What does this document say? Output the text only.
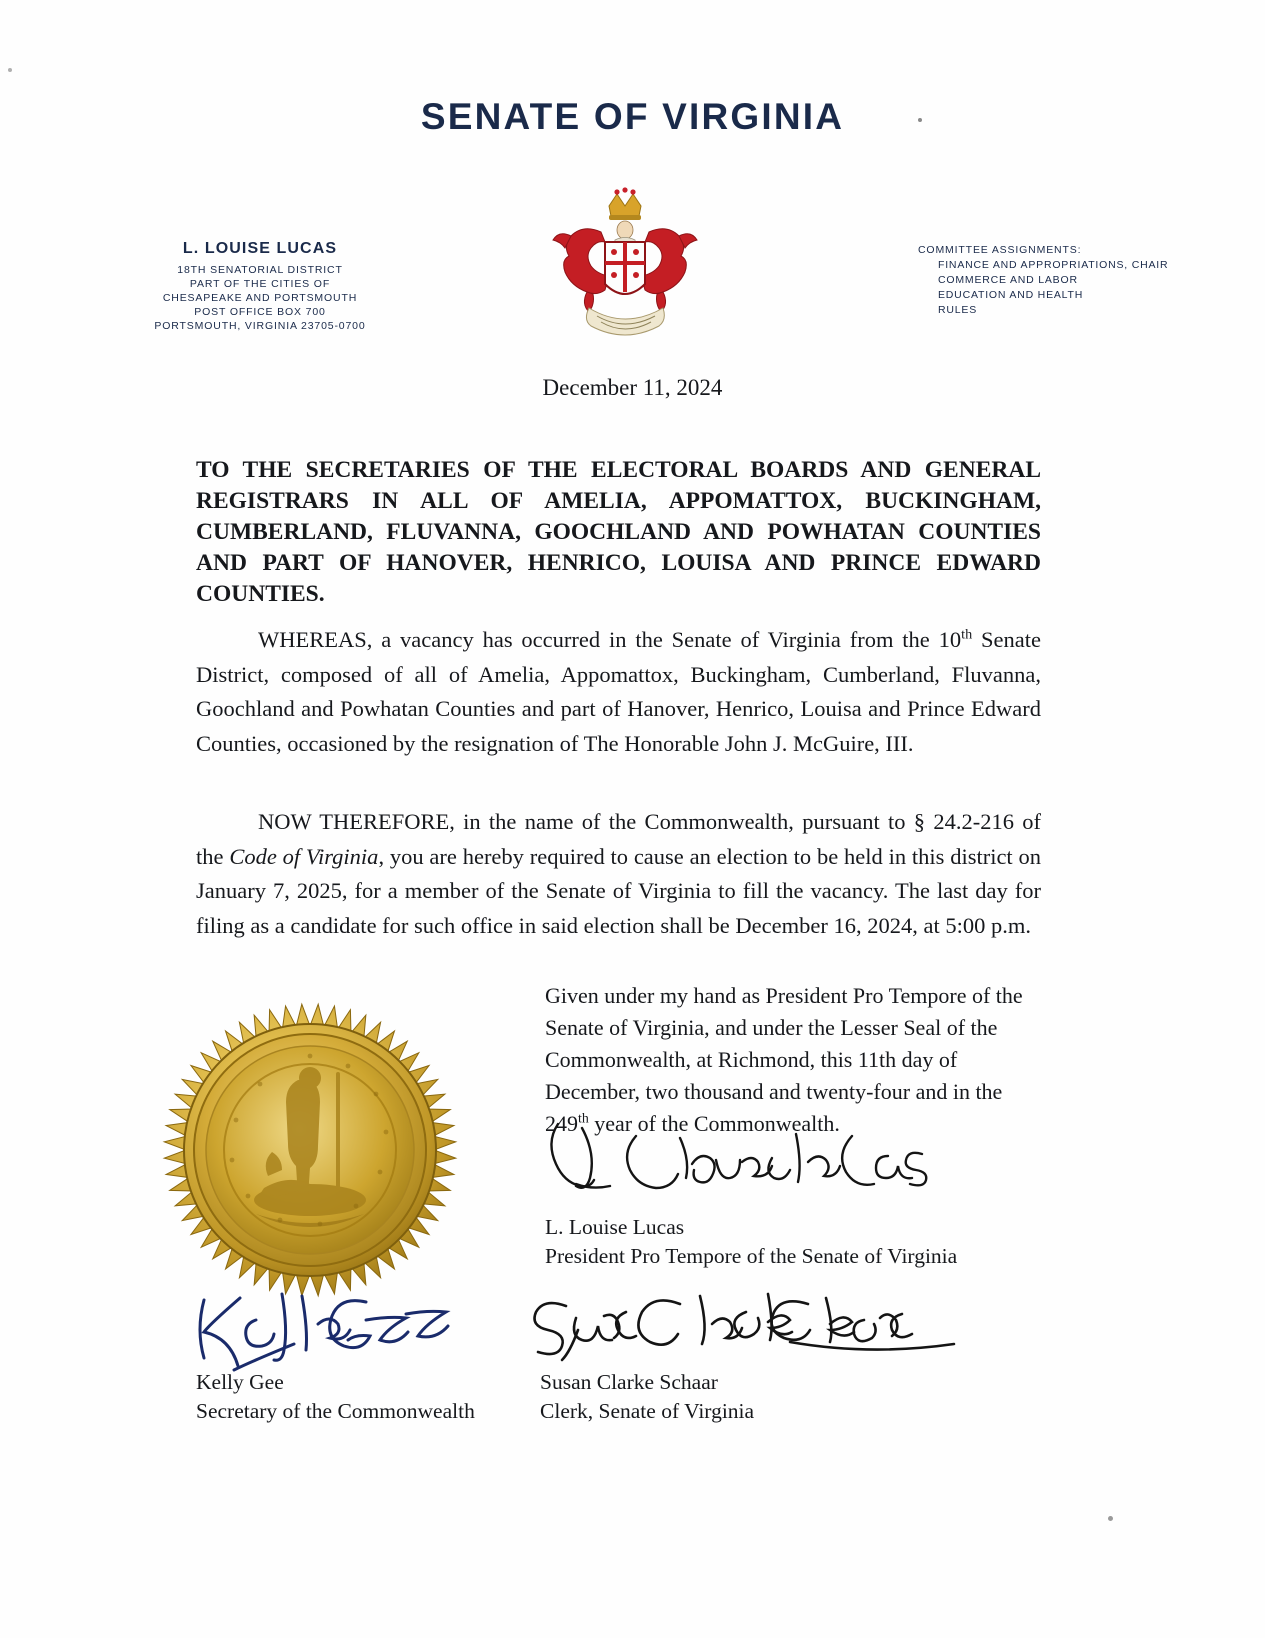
SENATE OF VIRGINIA
L. LOUISE LUCAS
18TH SENATORIAL DISTRICT
PART OF THE CITIES OF
CHESAPEAKE AND PORTSMOUTH
POST OFFICE BOX 700
PORTSMOUTH, VIRGINIA 23705-0700
COMMITTEE ASSIGNMENTS:
FINANCE AND APPROPRIATIONS, CHAIR
COMMERCE AND LABOR
EDUCATION AND HEALTH
RULES
December 11, 2024
TO THE SECRETARIES OF THE ELECTORAL BOARDS AND GENERAL REGISTRARS IN ALL OF AMELIA, APPOMATTOX, BUCKINGHAM, CUMBERLAND, FLUVANNA, GOOCHLAND AND POWHATAN COUNTIES AND PART OF HANOVER, HENRICO, LOUISA AND PRINCE EDWARD COUNTIES.
WHEREAS, a vacancy has occurred in the Senate of Virginia from the 10th Senate District, composed of all of Amelia, Appomattox, Buckingham, Cumberland, Fluvanna, Goochland and Powhatan Counties and part of Hanover, Henrico, Louisa and Prince Edward Counties, occasioned by the resignation of The Honorable John J. McGuire, III.
NOW THEREFORE, in the name of the Commonwealth, pursuant to § 24.2-216 of the Code of Virginia, you are hereby required to cause an election to be held in this district on January 7, 2025, for a member of the Senate of Virginia to fill the vacancy. The last day for filing as a candidate for such office in said election shall be December 16, 2024, at 5:00 p.m.
Given under my hand as President Pro Tempore of the Senate of Virginia, and under the Lesser Seal of the Commonwealth, at Richmond, this 11th day of December, two thousand and twenty-four and in the 249th year of the Commonwealth.
L. Louise Lucas
President Pro Tempore of the Senate of Virginia
Kelly Gee
Secretary of the Commonwealth
Susan Clarke Schaar
Clerk, Senate of Virginia
